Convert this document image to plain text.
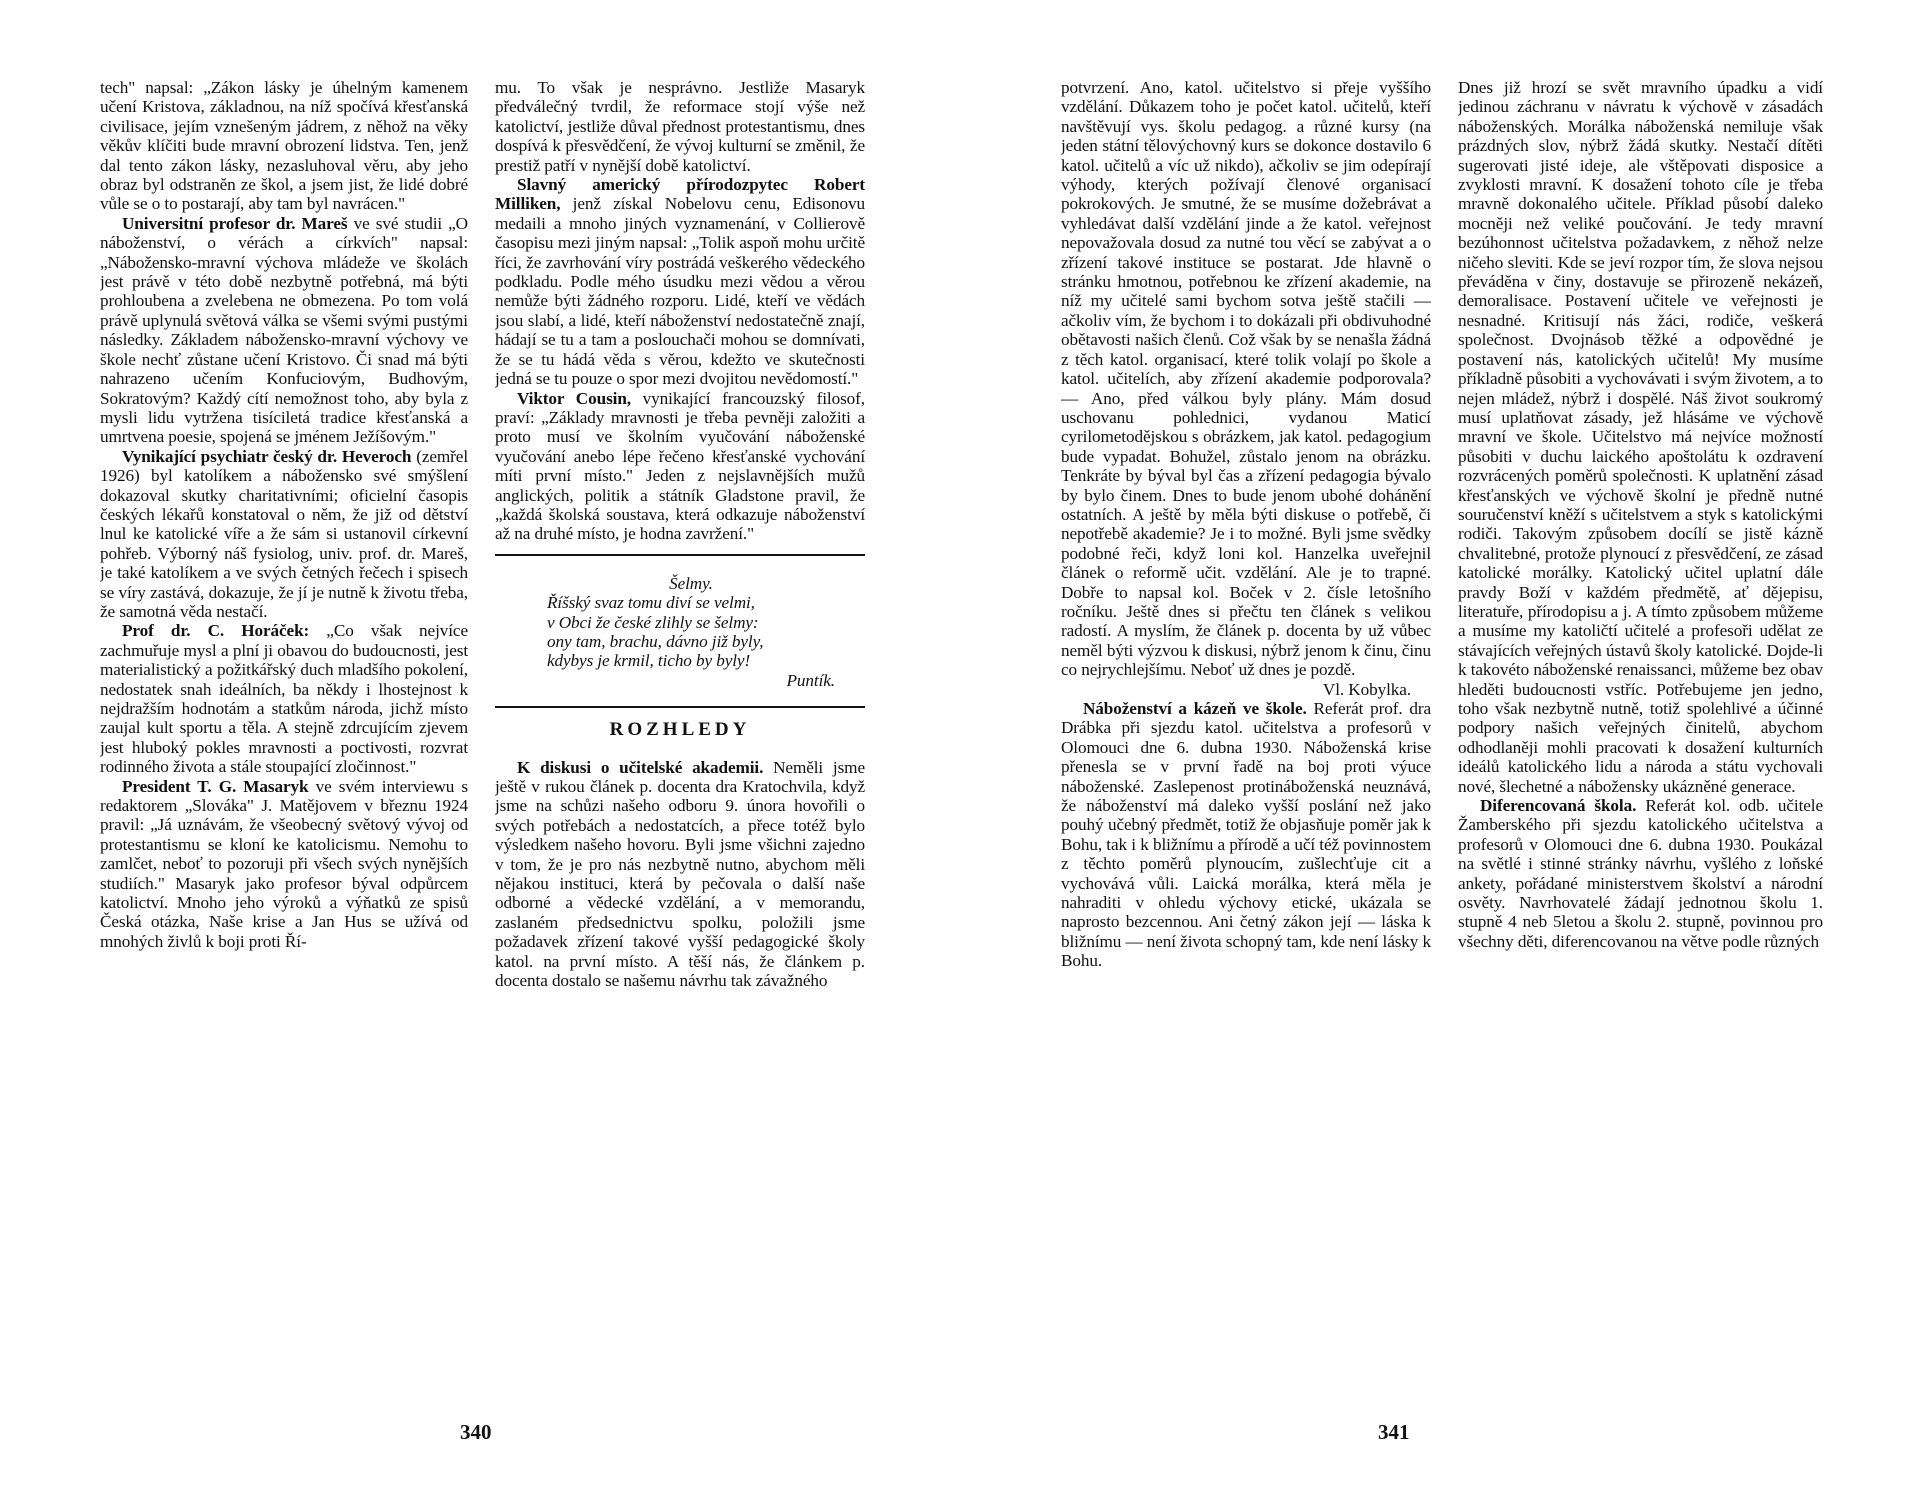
tech" napsal: „Zákon lásky je úhelným kamenem učení Kristova, základnou, na níž spočívá křesťanská civilisace, jejím vznešeným jádrem, z něhož na věky věkův klíčiti bude mravní obrození lidstva. Ten, jenž dal tento zákon lásky, nezasluhoval věru, aby jeho obraz byl odstraněn ze škol, a jsem jist, že lidé dobré vůle se o to postarají, aby tam byl navrácen."

Universitní profesor dr. Mareš ve své studii „O náboženství, o vérách a církvích" napsal: „Nábožensko-mravní výchova mládeže ve školách jest právě v této době nezbytně potřebná, má býti prohloubena a zvelebena ne obmezena. Po tom volá právě uplynulá světová válka se všemi svými pustými následky. Základem nábožensko-mravní výchovy ve škole nechť zůstane učení Kristovo. Či snad má býti nahrazeno učením Konfuciovým, Budhovým, Sokratovým? Každý cítí nemožnost toho, aby byla z mysli lidu vytržena tisíciletá tradice křesťanská a umrtvena poesie, spojená se jménem Ježíšovým."

Vynikající psychiatr český dr. Heveroch (zemřel 1926) byl katolíkem a nábožensko své smýšlení dokazoval skutky charitativními; oficielní časopis českých lékařů konstatoval o něm, že již od dětství lnul ke katolické víře a že sám si ustanovil církevní pohřeb. Výborný náš fysiolog, univ. prof. dr. Mareš, je také katolíkem a ve svých četných řečech i spisech se víry zastává, dokazuje, že jí je nutně k životu třeba, že samotná věda nestačí.

Prof dr. C. Horáček: „Co však nejvíce zachmuřuje mysl a plní ji obavou do budoucnosti, jest materialistický a požitkářský duch mladšího pokolení, nedostatek snah ideálních, ba někdy i lhostejnost k nejdražším hodnotám a statkům národa, jichž místo zaujal kult sportu a těla. A stejně zdrcujícím zjevem jest hluboký pokles mravnosti a poctivosti, rozvrat rodinného života a stále stoupající zločinnost."

President T. G. Masaryk ve svém interviewu s redaktorem „Slováka" J. Matějovem v březnu 1924 pravil: „Já uznávám, že všeobecný světový vývoj od protestantismu se kloní ke katolicismu. Nemohu to zamlčet, neboť to pozoruji při všech svých nynějších studiích." Masaryk jako profesor býval odpůrcem katolictví. Mnoho jeho výroků a výňatků ze spisů Česká otázka, Naše krise a Jan Hus se užívá od mnohých živlů k boji proti Ří-

mu. To však je nesprávno. Jestliže Masaryk předválečný tvrdil, že reformace stojí výše než katolictví, jestliže důval přednost protestantismu, dnes dospívá k přesvědčení, že vývoj kulturní se změnil, že prestiž patří v nynější době katolictví.

Slavný americký přírodozpytec Robert Milliken, jenž získal Nobelovu cenu, Edisonovu medaili a mnoho jiných vyznamenání, v Collierově časopisu mezi jiným napsal: „Tolik aspoň mohu určitě říci, že zavrhování víry postrádá veškerého vědeckého podkladu. Podle mého úsudku mezi vědou a věrou nemůže býti žádného rozporu. Lidé, kteří ve vědách jsou slabí, a lidé, kteří náboženství nedostatečně znají, hádají se tu a tam a poslouchači mohou se domnívati, že se tu hádá věda s věrou, kdežto ve skutečnosti jedná se tu pouze o spor mezi dvojitou nevědomostí."

Viktor Cousin, vynikající francouzský filosof, praví: „Základy mravnosti je třeba pevněji založiti a proto musí ve školním vyučování náboženské vyučování anebo lépe řečeno křesťanské vychování míti první místo." Jeden z nejslavnějších mužů anglických, politik a státník Gladstone pravil, že „každá školská soustava, která odkazuje náboženství až na druhé místo, je hodna zavržení."

Šelmy.

Říšský svaz tomu diví se velmi,

v Obci že české zlihly se šelmy:

ony tam, brachu, dávno již byly,

kdybys je krmil, ticho by byly!

Puntík.

ROZHLEDY

K diskusi o učitelské akademii. Neměli jsme ještě v rukou článek p. docenta dra Kratochvila, když jsme na schůzi našeho odboru 9. února hovořili o svých potřebách a nedostatcích, a přece totéž bylo výsledkem našeho hovoru. Byli jsme všichni zajedno v tom, že je pro nás nezbytně nutno, abychom měli nějakou instituci, která by pečovala o další naše odborné a vědecké vzdělání, a v memorandu, zaslaném předsednictvu spolku, položili jsme požadavek zřízení takové vyšší pedagogické školy katol. na první místo. A těší nás, že článkem p. docenta dostalo se našemu návrhu tak závažného

340

potvrzení. Ano, katol. učitelstvo si přeje vyššího vzdělání. Důkazem toho je počet katol. učitelů, kteří navštěvují vys. školu pedagog. a různé kursy (na jeden státní tělovýchovný kurs se dokonce dostavilo 6 katol. učitelů a víc už nikdo), ačkoliv se jim odepírají výhody, kterých požívají členové organisací pokrokových. Je smutné, že se musíme dožebrávat a vyhledávat další vzdělání jinde a že katol. veřejnost nepovažovala dosud za nutné tou věcí se zabývat a o zřízení takové instituce se postarat. Jde hlavně o stránku hmotnou, potřebnou ke zřízení akademie, na níž my učitelé sami bychom sotva ještě stačili — ačkoliv vím, že bychom i to dokázali při obdivuhodné obětavosti našich členů. Což však by se nenašla žádná z těch katol. organisací, které tolik volají po škole a katol. učitelích, aby zřízení akademie podporovala? — Ano, před válkou byly plány. Mám dosud uschovanu pohlednici, vydanou Maticí cyrilometodějskou s obrázkem, jak katol. pedagogium bude vypadat. Bohužel, zůstalo jenom na obrázku. Tenkráte by býval byl čas a zřízení pedagogia bývalo by bylo činem. Dnes to bude jenom ubohé dohánění ostatních. A ještě by měla býti diskuse o potřebě, či nepotřebě akademie? Je i to možné. Byli jsme svědky podobné řeči, když loni kol. Hanzelka uveřejnil článek o reformě učit. vzdělání. Ale je to trapné. Dobře to napsal kol. Boček v 2. čísle letošního ročníku. Ještě dnes si přečtu ten článek s velikou radostí. A myslím, že článek p. docenta by už vůbec neměl býti výzvou k diskusi, nýbrž jenom k činu, činu co nejrychlejšímu. Neboť už dnes je pozdě.

Vl. Kobylka.

Náboženství a kázeň ve škole. Referát prof. dra Drábka při sjezdu katol. učitelstva a profesorů v Olomouci dne 6. dubna 1930. Náboženská krise přenesla se v první řadě na boj proti výuce náboženské. Zaslepenost protináboženská neuznává, že náboženství má daleko vyšší poslání než jako pouhý učebný předmět, totiž že objasňuje poměr jak k Bohu, tak i k bližnímu a přírodě a učí též povinnostem z těchto poměrů plynoucím, zušlechťuje cit a vychovává vůli. Laická morálka, která měla je nahraditi v ohledu výchovy etické, ukázala se naprosto bezcennou. Ani četný zákon její — láska k bližnímu — není života schopný tam, kde není lásky k Bohu.

Dnes již hrozí se svět mravního úpadku a vidí jedinou záchranu v návratu k výchově v zásadách náboženských. Morálka náboženská nemiluje však prázdných slov, nýbrž žádá skutky. Nestačí dítěti sugerovati jisté ideje, ale vštěpovati disposice a zvyklosti mravní. K dosažení tohoto cíle je třeba mravně dokonalého učitele. Příklad působí daleko mocněji než veliké poučování. Je tedy mravní bezúhonnost učitelstva požadavkem, z něhož nelze ničeho sleviti. Kde se jeví rozpor tím, že slova nejsou převáděna v činy, dostavuje se přirozeně nekázeň, demoralisace. Postavení učitele ve veřejnosti je nesnadné. Kritisují nás žáci, rodiče, veškerá společnost. Dvojnásob těžké a odpovědné je postavení nás, katolických učitelů! My musíme příkladně působiti a vychovávati i svým životem, a to nejen mládež, nýbrž i dospělé. Náš život soukromý musí uplatňovat zásady, jež hlásáme ve výchově mravní ve škole. Učitelstvo má nejvíce možností působiti v duchu laického apoštolátu k ozdravení rozvrácených poměrů společnosti. K uplatnění zásad křesťanských ve výchově školní je předně nutné souručenství kněží s učitelstvem a styk s katolickými rodiči. Takovým způsobem docílí se jistě kázně chvalitebné, protože plynoucí z přesvědčení, ze zásad katolické morálky. Katolický učitel uplatní dále pravdy Boží v každém předmětě, ať dějepisu, literatuře, přírodopisu a j. A tímto způsobem můžeme a musíme my katoličtí učitelé a profesoři udělat ze stávajících veřejných ústavů školy katolické. Dojde-li k takovéto náboženské renaissanci, můžeme bez obav hleděti budoucnosti vstříc. Potřebujeme jen jedno, toho však nezbytně nutně, totiž spolehlivé a účinné podpory našich veřejných činitelů, abychom odhodlaněji mohli pracovati k dosažení kulturních ideálů katolického lidu a národa a státu vychovali nové, šlechetné a nábožensky ukázněné generace.

Diferencovaná škola. Referát kol. odb. učitele Žamberského při sjezdu katolického učitelstva a profesorů v Olomouci dne 6. dubna 1930. Poukázal na světlé i stinné stránky návrhu, vyšlého z loňské ankety, pořádané ministerstvem školství a národní osvěty. Navrhovatelé žádají jednotnou školu 1. stupně 4 neb 5letou a školu 2. stupně, povinnou pro všechny děti, diferencovanou na větve podle různých

341
